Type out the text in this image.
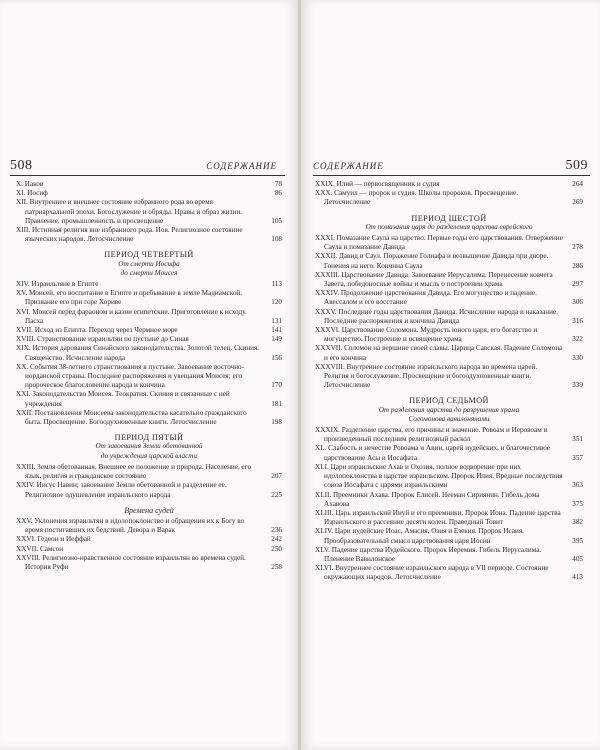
508	СОДЕРЖАНИЕ
X. Иаков	78
XI. Иосиф	86
XII. Внутреннее и внешнее состояние избранного рода во время патриархальной эпохи. Богослужение и обряды. Нравы и образ жизни. Правление, промышленность и просвещение	105
XIII. Истинная религия вне избранного рода. Иов. Религиозное состояние языческих народов. Летосчисление	108
ПЕРИОД ЧЕТВЕРТЫЙ
От смерти Иосифа
до смерти Моисея
XIV. Израильтяне в Египте	113
XV. Моисей, его воспитание в Египте и пребывание в земле Мадиамской. Призвание его при горе Хориве	120
XVI. Моисей перед фараоном и казни египетские. Приготовление к исходу. Пасха	131
XVII. Исход из Египта. Переход через Чермное море	141
XVIII. Странствование израильтян по пустыне до Синая	149
XIX. История дарования Синайского законодательства. Золотой телец. Скиния. Священство. Исчисление народа	156
XX. События 38-летнего странствования в пустыне. Завоевание восточно-иорданской страны. Последние распоряжения и увещания Моисея; его пророческое благословение народа и кончина	170
XXI. Законодательство Моисея. Теократия. Скиния и связанные с ней учреждения	181
XXII. Постановления Моисеева законодательства касательно гражданского быта. Просвещение. Богоодухновенные книги. Летосчисление	198
ПЕРИОД ПЯТЫЙ
От завоевания Земли обетованной
до учреждения царской власти
XXIII. Земля обетованная. Внешнее ее положение и природа. Население, его язык, религия и гражданское состояние	207
XXIV. Иисус Навин; завоевание Земли обетованной и разделение ее. Религиозное одушевление израильского народа	225
Времена судей
XXV. Уклонения израильтян в идолопоклонство и обращения их к Богу во время постигавших их бедствий. Девора и Варак	236
XXVI. Гедеон и Иеффай	242
XXVII. Самсон	250
XXVIII. Религиозно-нравственное состояние израильтян во времена судей. История Руфи	258
СОДЕРЖАНИЕ	509
XXIX. Илий — первосвященник и судия	264
XXX. Самуил — пророк и судия. Школы пророков. Просвещение. Летосчисление	269
ПЕРИОД ШЕСТОЙ
От помазания царя до разделения царства еврейского
XXXI. Помазание Саула на царство. Первые годы его царствования. Отвержение Саула и помазание Давида	278
XXXII. Давид и Саул. Поражение Голиафа и возвышение Давида при дворе. Гонения на него. Кончина Саула	286
XXXIII. Царствование Давида. Завоевание Иерусалима. Перенесение ковчега Завета, победоносные войны и мысль о построении храма	297
XXXIV. Продолжение царствования Давида. Его могущество и падение. Авессалом и его восстание	306
XXXV. Последние годы царствования Давида. Исчисление народа и наказание. Последние распоряжения и кончина Давида	316
XXXVI. Царствование Соломона. Мудрость юного царя, его богатство и могущество. Построение и освящение храма	322
XXXVII. Соломон на вершине своей славы. Царица Савская. Падение Соломона и его кончина	330
XXXVIII. Внутреннее состояние израильского народа во времена царей. Религия и богослужение. Просвещение и богоодухновенные книги. Летосчисление	339
ПЕРИОД СЕДЬМОЙ
От разделения царства до разрушения храма
Соломонова вавилонянами
XXXIX. Разделение царства, его причины и значение. Ровоам и Иеровоам и произведенный последним религиозный раскол	351
XL. Слабость и нечестие Ровоама и Авии, царей иудейских, и благочестивое царствование Асы и Иосафата	357
XLI. Цари израильские Ахав и Охозия, полное водворение при них идолопоклонства в царстве израильском. Пророк Илия. Вредные последствия союза Иосафата с царями израильскими	363
XLII. Преемники Ахава. Пророк Елисей. Нееман Сириянин. Гибель дома Ахавова	375
XLIII. Царь израильский Ииуй и его преемники. Пророк Иона. Падение царства Израильского и рассеяние десяти колен. Праведный Товит	382
XLIV. Цари иудейские Иоас, Амасия, Озия и Езекия. Пророк Исаия. Прообразовательный смысл царствования царя Иосии	395
XLV. Падение царства Иудейского. Пророк Иеремия. Гибель Иерусалима. Пленение Вавилонское	405
XLVI. Внутреннее состояние израильского народа в VII периоде. Состояние окружающих народов. Летосчисление	413
